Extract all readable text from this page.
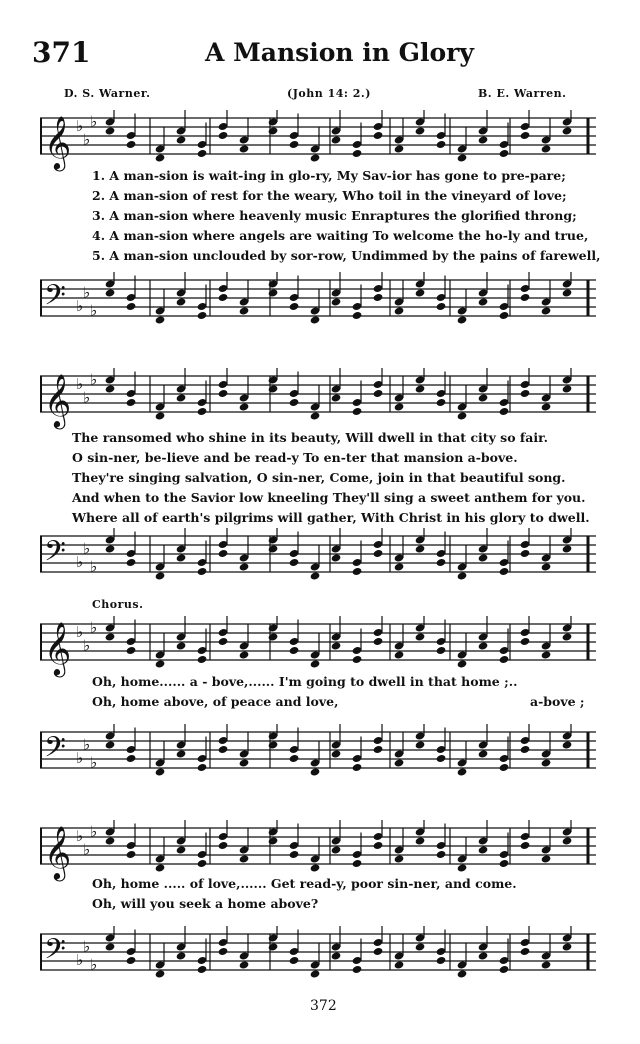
371	A Mansion in Glory
D. S. Warner.	(John 14: 2.)	B. E. Warren.
𝄞 ♭
♭
♭
1. A man-sion is wait-ing in glo-ry, My Sav-ior has gone to pre-pare;
2. A man-sion of rest for the weary, Who toil in the vineyard of love;
3. A man-sion where heavenly music Enraptures the glorified throng;
4. A man-sion where angels are waiting To welcome the ho-ly and true,
5. A man-sion unclouded by sor-row, Undimmed by the pains of farewell,
𝄢 ♭
♭
♭
𝄞 ♭
♭
♭
The ransomed who shine in its beauty, Will dwell in that city so fair.
O sin-ner, be-lieve and be read-y To en-ter that mansion a-bove.
They're singing salvation, O sin-ner, Come, join in that beautiful song.
And when to the Savior low kneeling They'll sing a sweet anthem for you.
Where all of earth's pilgrims will gather, With Christ in his glory to dwell.
𝄢 ♭
♭
♭
Chorus.
𝄞 ♭
♭
♭
Oh, home...... a - bove,...... I'm going to dwell in that home ;..
Oh, home above, of peace and love,	a-bove ;
𝄢 ♭
♭
♭
𝄞 ♭
♭
♭
Oh, home ..... of love,...... Get read-y, poor sin-ner, and come.
Oh, will you seek a home above?
𝄢 ♭
♭
♭
372
